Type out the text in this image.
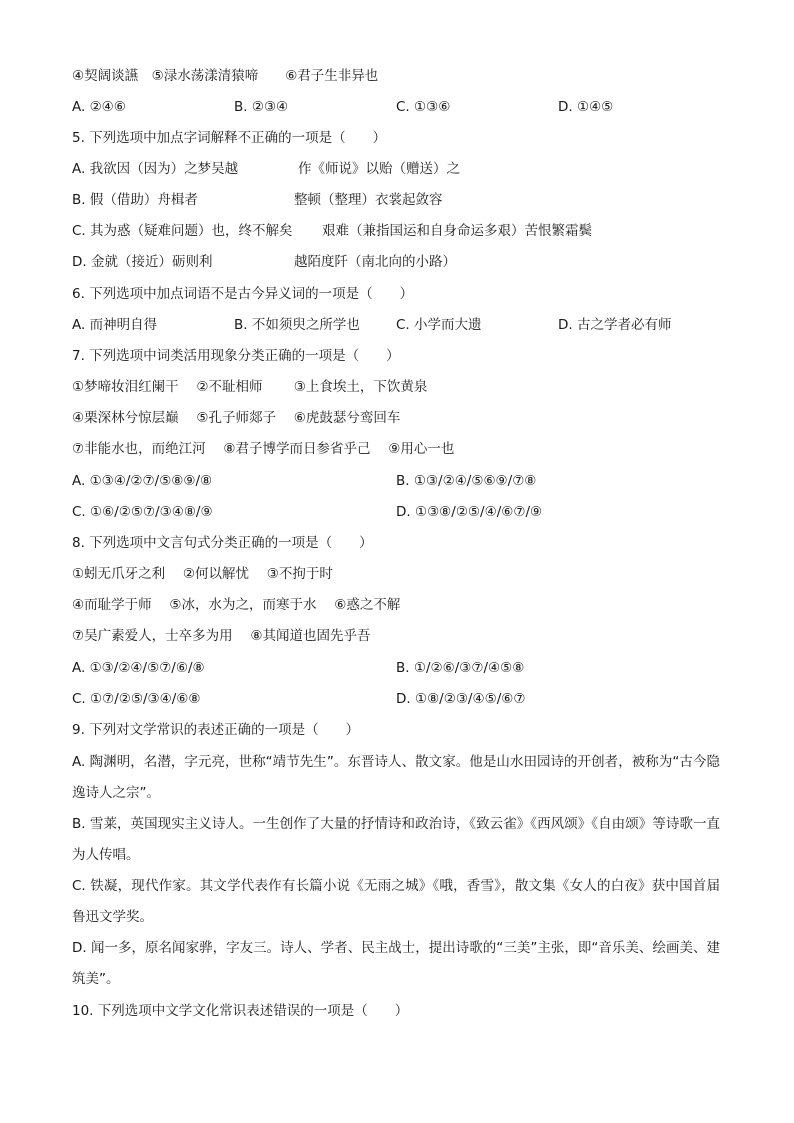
④契阔谈讌　⑤渌水荡漾清猿啼　　⑥君子生非异也
A. ②④⑥	B. ②③④	C. ①③⑥	D. ①④⑤
5. 下列选项中加点字词解释不正确的一项是（　　）
A. 我欲因（因为）之梦吴越	作《师说》以贻（赠送）之
B. 假（借助）舟楫者	整顿（整理）衣裳起敛容
C. 其为惑（疑难问题）也，终不解矣 艰难（兼指国运和自身命运多艰）苦恨繁霜鬓
D. 金就（接近）砺则利	越陌度阡（南北向的小路）
6. 下列选项中加点词语不是古今异义词的一项是（　　）
A. 而神明自得	B. 不如须臾之所学也	C. 小学而大遗	D. 古之学者必有师
7. 下列选项中词类活用现象分类正确的一项是（　　）
①梦啼妆泪红阑干　 ②不耻相师　　 ③上食埃土，下饮黄泉
④栗深林兮惊层巅　 ⑤孔子师郯子　 ⑥虎鼓瑟兮鸾回车
⑦非能水也，而绝江河　 ⑧君子博学而日参省乎己　 ⑨用心一也
A. ①③④/②⑦/⑤⑧⑨/⑧	B. ①③/②④/⑤⑥⑨/⑦⑧
C. ①⑥/②⑤⑦/③④⑧/⑨	D. ①③⑧/②⑤/④/⑥⑦/⑨
8. 下列选项中文言句式分类正确的一项是（　　）
①蚓无爪牙之利　 ②何以解忧　 ③不拘于时
④而耻学于师　 ⑤冰，水为之，而寒于水　 ⑥惑之不解
⑦吴广素爱人，士卒多为用　 ⑧其闻道也固先乎吾
A. ①③/②④/⑤⑦/⑥/⑧	B. ①/②⑥/③⑦/④⑤⑧
C. ①⑦/②⑤/③④/⑥⑧	D. ①⑧/②③/④⑤/⑥⑦
9. 下列对文学常识的表述正确的一项是（　　）
A. 陶渊明，名潜，字元亮，世称“靖节先生”。东晋诗人、散文家。他是山水田园诗的开创者，被称为“古今隐逸诗人之宗”。
B. 雪莱，英国现实主义诗人。一生创作了大量的抒情诗和政治诗，《致云雀》《西风颂》《自由颂》等诗歌一直为人传唱。
C. 铁凝，现代作家。其文学代表作有长篇小说《无雨之城》《哦，香雪》，散文集《女人的白夜》获中国首届鲁迅文学奖。
D. 闻一多，原名闻家骅，字友三。诗人、学者、民主战士，提出诗歌的“三美”主张，即“音乐美、绘画美、建筑美”。
10. 下列选项中文学文化常识表述错误的一项是（　　）
